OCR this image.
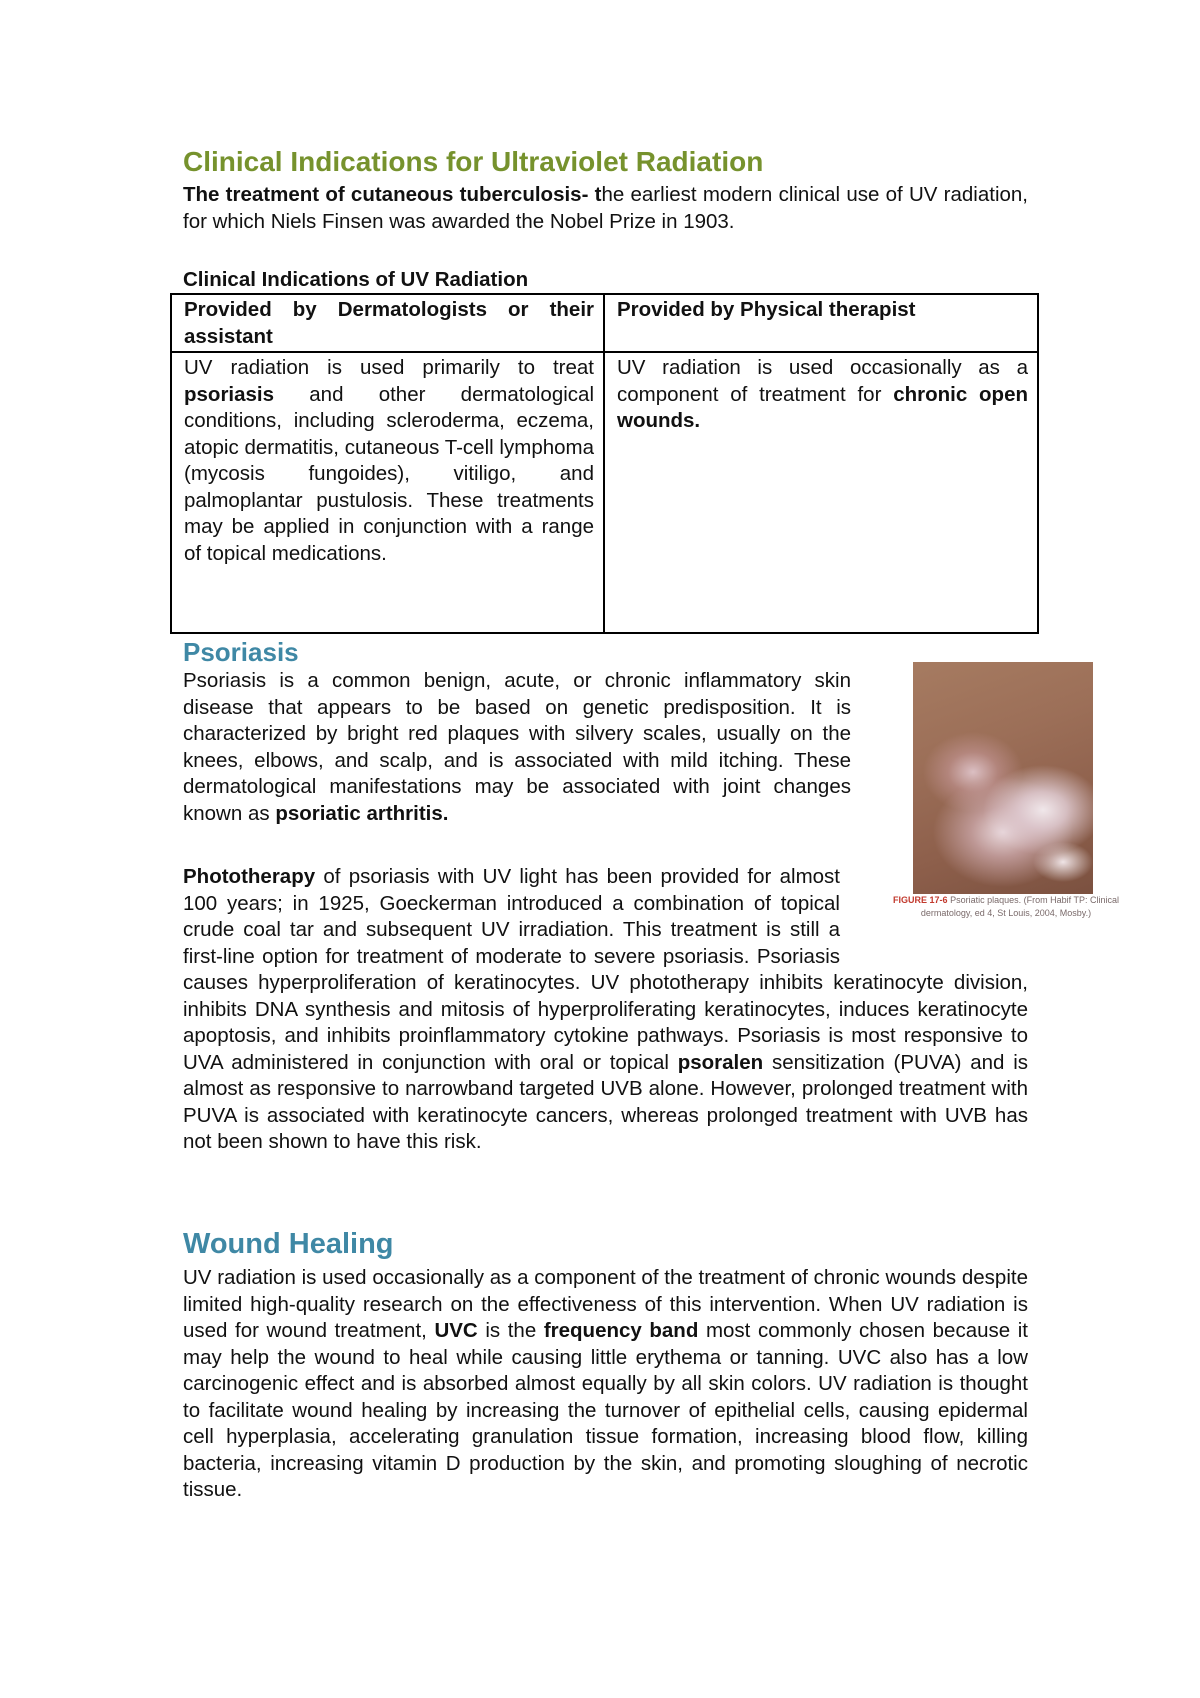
Clinical Indications for Ultraviolet Radiation

The treatment of cutaneous tuberculosis- the earliest modern clinical use of UV radiation, for which Niels Finsen was awarded the Nobel Prize in 1903.

Clinical Indications of UV Radiation

Provided by Dermatologists or their assistant	Provided by Physical therapist
UV radiation is used primarily to treat psoriasis and other dermatological conditions, including scleroderma, eczema, atopic dermatitis, cutaneous T-cell lymphoma (mycosis fungoides), vitiligo, and palmoplantar pustulosis. These treatments may be applied in conjunction with a range of topical medications.	UV radiation is used occasionally as a component of treatment for chronic open wounds.
Psoriasis

Psoriasis is a common benign, acute, or chronic inflammatory skin disease that appears to be based on genetic predisposition. It is characterized by bright red plaques with silvery scales, usually on the knees, elbows, and scalp, and is associated with mild itching. These dermatological manifestations may be associated with joint changes known as psoriatic arthritis.

Phototherapy of psoriasis with UV light has been provided for almost 100 years; in 1925, Goeckerman introduced a combination of topical crude coal tar and subsequent UV irradiation. This treatment is still a first-line option for treatment of moderate to severe psoriasis. Psoriasis causes hyperproliferation of keratinocytes. UV phototherapy inhibits keratinocyte division, inhibits DNA synthesis and mitosis of hyperproliferating keratinocytes, induces keratinocyte apoptosis, and inhibits proinflammatory cytokine pathways. Psoriasis is most responsive to UVA administered in conjunction with oral or topical psoralen sensitization (PUVA) and is almost as responsive to narrowband targeted UVB alone. However, prolonged treatment with PUVA is associated with keratinocyte cancers, whereas prolonged treatment with UVB has not been shown to have this risk.

FIGURE 17-6 Psoriatic plaques. (From Habif TP: Clinical dermatology, ed 4, St Louis, 2004, Mosby.)
Wound Healing

UV radiation is used occasionally as a component of the treatment of chronic wounds despite limited high-quality research on the effectiveness of this intervention. When UV radiation is used for wound treatment, UVC is the frequency band most commonly chosen because it may help the wound to heal while causing little erythema or tanning. UVC also has a low carcinogenic effect and is absorbed almost equally by all skin colors. UV radiation is thought to facilitate wound healing by increasing the turnover of epithelial cells, causing epidermal cell hyperplasia, accelerating granulation tissue formation, increasing blood flow, killing bacteria, increasing vitamin D production by the skin, and promoting sloughing of necrotic tissue.
